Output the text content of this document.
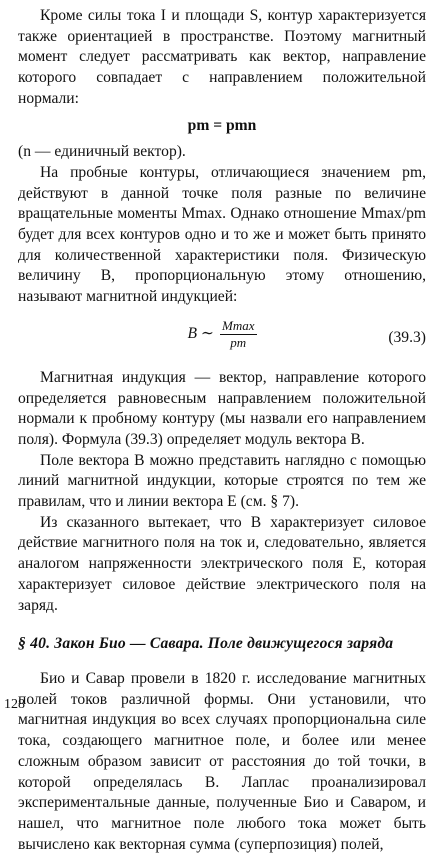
Кроме силы тока I и площади S, контур характеризуется также ориентацией в пространстве. Поэтому магнитный момент следует рассматривать как вектор, направление которого совпадает с направлением положительной нормали:

pm = pmn

(n — единичный вектор).

На пробные контуры, отличающиеся значением pm, действуют в данной точке поля разные по величине вращательные моменты Mmax. Однако отношение Mmax/pm будет для всех контуров одно и то же и может быть принято для количественной характеристики поля. Физическую величину B, пропорциональную этому отношению, называют магнитной индукцией:

B ∼ $\frac{Mmax}{pm}$	(39.3)

Магнитная индукция — вектор, направление которого определяется равновесным направлением положительной нормали к пробному контуру (мы назвали его направлением поля). Формула (39.3) определяет модуль вектора B.

Поле вектора B можно представить наглядно с помощью линий магнитной индукции, которые строятся по тем же правилам, что и линии вектора E (см. § 7).

Из сказанного вытекает, что B характеризует силовое действие магнитного поля на ток и, следовательно, является аналогом напряженности электрического поля E, которая характеризует силовое действие электрического поля на заряд.

§ 40. Закон Био — Савара. Поле движущегося заряда

Био и Савар провели в 1820 г. исследование магнитных полей токов различной формы. Они установили, что магнитная индукция во всех случаях пропорциональна силе тока, создающего магнитное поле, и более или менее сложным образом зависит от расстояния до той точки, в которой определялась B. Лаплас проанализировал экспериментальные данные, полученные Био и Саваром, и нашел, что магнитное поле любого тока может быть вычислено как векторная сумма (суперпозиция) полей,

128
